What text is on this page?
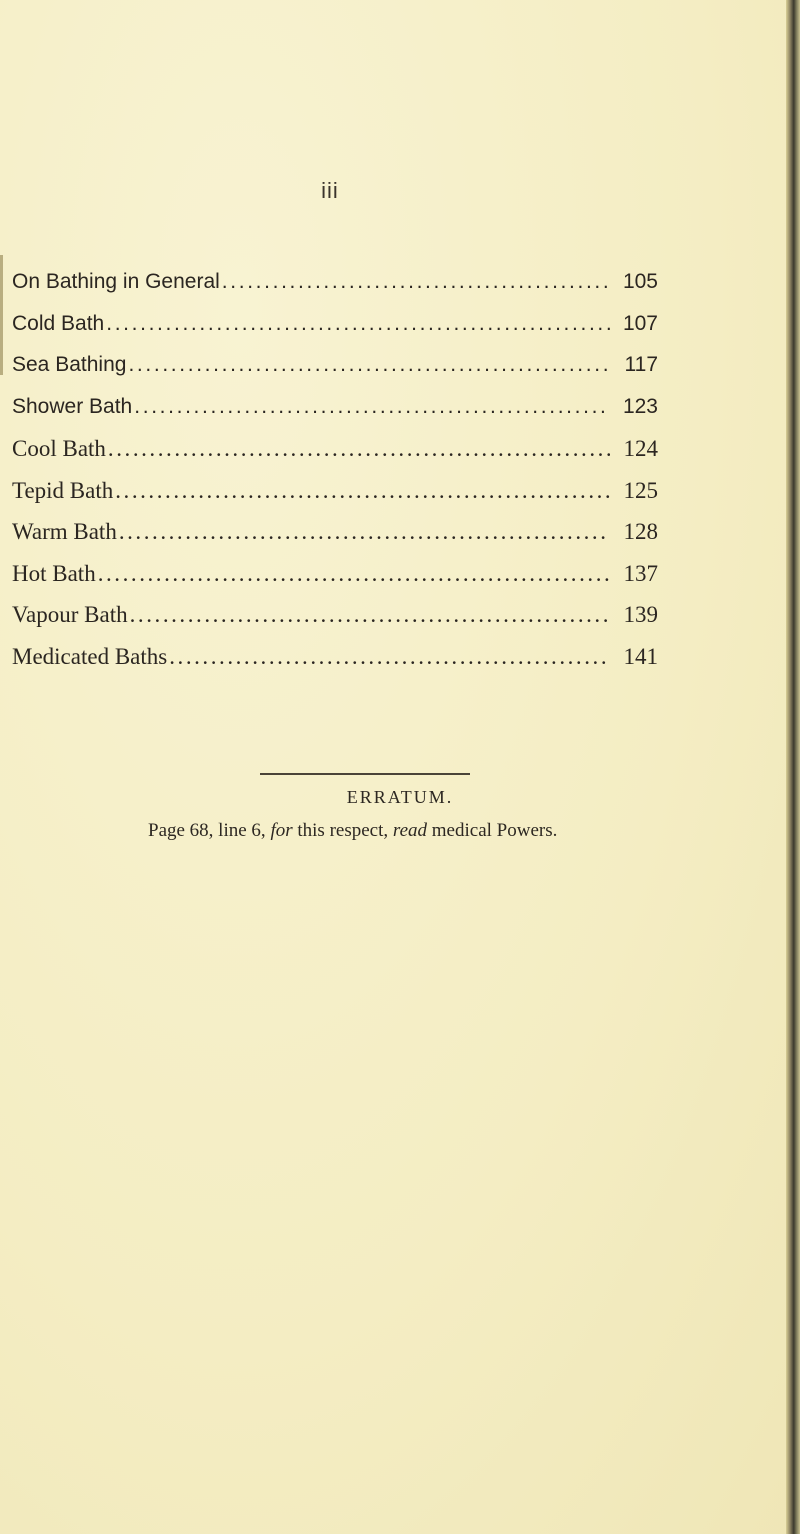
iii
On Bathing in General . . .	105
Cold Bath . . .	107
Sea Bathing . . .	117
Shower Bath . . .	123
Cool Bath . . .	124
Tepid Bath . . .	125
Warm Bath . . .	128
Hot Bath . . .	137
Vapour Bath . . .	139
Medicated Baths . . .	141
ERRATUM.
Page 68, line 6, for this respect, read medical Powers.
